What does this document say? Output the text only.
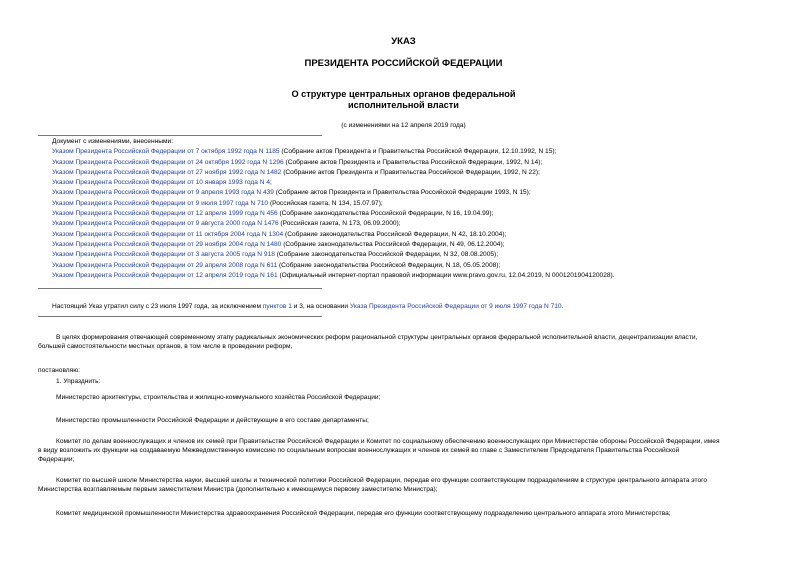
УКАЗ
ПРЕЗИДЕНТА РОССИЙСКОЙ ФЕДЕРАЦИИ
О структуре центральных органов федеральной
исполнительной власти
(с изменениями на 12 апреля 2019 года)

Документ с изменениями, внесенными:

Указом Президента Российской Федерации от 7 октября 1992 года N 1185 (Собрание актов Президента и Правительства Российской Федерации, 12.10.1992, N 15);

Указом Президента Российской Федерации от 24 октября 1992 года N 1296 (Собрание актов Президента и Правительства Российской Федерации, 1992, N 14);

Указом Президента Российской Федерации от 27 ноября 1992 года N 1482 (Собрание актов Президента и Правительства Российской Федерации, 1992, N 22);

Указом Президента Российской Федерации от 10 января 1993 года N 4;

Указом Президента Российской Федерации от 9 апреля 1993 года N 439 (Собрание актов Президента и Правительства Российской Федерации 1993, N 15);

Указом Президента Российской Федерации от 9 июля 1997 года N 710 (Российская газета, N 134, 15.07.97);

Указом Президента Российской Федерации от 12 апреля 1999 года N 456 (Собрание законодательства Российской Федерации, N 16, 19.04.99);

Указом Президента Российской Федерации от 9 августа 2000 года N 1476 (Российская газета, N 173, 06.09.2000);

Указом Президента Российской Федерации от 11 октября 2004 года N 1304 (Собрание законодательства Российской Федерации, N 42, 18.10.2004);

Указом Президента Российской Федерации от 29 ноября 2004 года N 1480 (Собрание законодательства Российской Федерации, N 49, 06.12.2004);

Указом Президента Российской Федерации от 3 августа 2005 года N 918 (Собрание законодательства Российской Федерации, N 32, 08.08.2005);

Указом Президента Российской Федерации от 29 апреля 2008 года N 611 (Собрание законодательства Российской Федерации, N 18, 05.05.2008);

Указом Президента Российской Федерации от 12 апреля 2019 года N 161 (Официальный интернет-портал правовой информации www.pravo.gov.ru, 12.04.2019, N 0001201904120028).

Настоящий Указ утратил силу с 23 июля 1997 года, за исключением пунктов 1 и 3, на основании Указа Президента Российской Федерации от 9 июля 1997 года N 710.

В целях формирования отвечающей современному этапу радикальных экономических реформ рациональной структуры центральных органов федеральной исполнительной власти, децентрализации власти,

большей самостоятельности местных органов, в том числе в проведении реформ,

постановляю:

1. Упразднить:

Министерство архитектуры, строительства и жилищно-коммунального хозяйства Российской Федерации;

Министерство промышленности Российской Федерации и действующие в его составе департаменты;

Комитет по делам военнослужащих и членов их семей при Правительстве Российской Федерации и Комитет по социальному обеспечению военнослужащих при Министерстве обороны Российской Федерации, имея

в виду возложить их функции на создаваемую Межведомственную комиссию по социальным вопросам военнослужащих и членов их семей во главе с Заместителем Председателя Правительства Российской

Федерации;

Комитет по высшей школе Министерства науки, высшей школы и технической политики Российской Федерации, передав его функции соответствующим подразделениям в структуре центрального аппарата этого

Министерства возглавляемым первым заместителем Министра (дополнительно к имеющемуся первому заместителю Министра);

Комитет медицинской промышленности Министерства здравоохранения Российской Федерации, передав его функции соответствующему подразделению центрального аппарата этого Министерства;
